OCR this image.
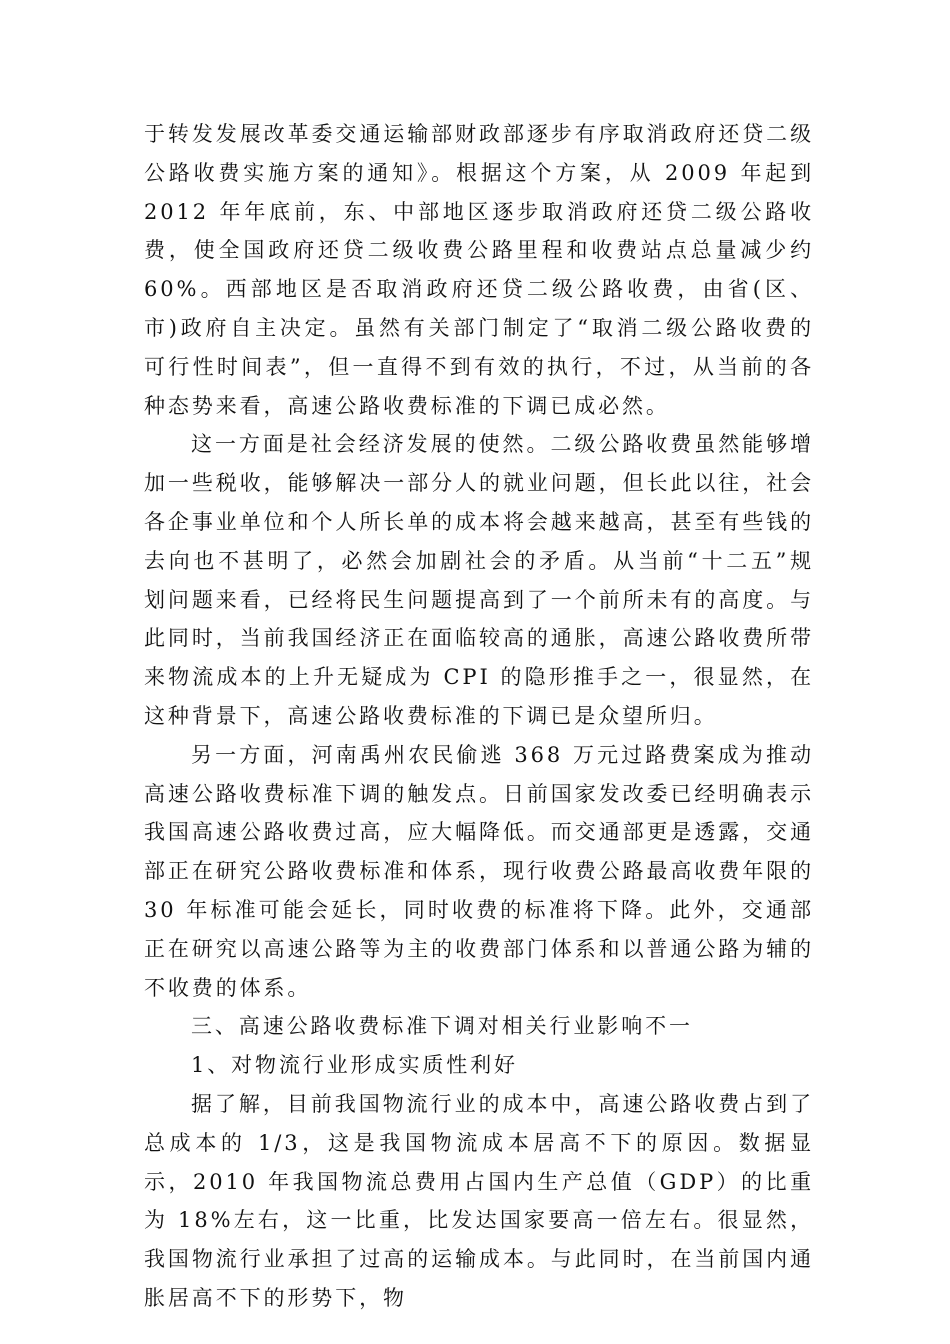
于转发发展改革委交通运输部财政部逐步有序取消政府还贷二级公路收费实施方案的通知》。根据这个方案，从 2009 年起到 2012 年年底前，东、中部地区逐步取消政府还贷二级公路收费，使全国政府还贷二级收费公路里程和收费站点总量减少约 60%。西部地区是否取消政府还贷二级公路收费，由省(区、市)政府自主决定。虽然有关部门制定了“取消二级公路收费的可行性时间表”，但一直得不到有效的执行，不过，从当前的各种态势来看，高速公路收费标准的下调已成必然。

这一方面是社会经济发展的使然。二级公路收费虽然能够增加一些税收，能够解决一部分人的就业问题，但长此以往，社会各企事业单位和个人所长单的成本将会越来越高，甚至有些钱的去向也不甚明了，必然会加剧社会的矛盾。从当前“十二五”规划问题来看，已经将民生问题提高到了一个前所未有的高度。与此同时，当前我国经济正在面临较高的通胀，高速公路收费所带来物流成本的上升无疑成为 CPI 的隐形推手之一，很显然，在这种背景下，高速公路收费标准的下调已是众望所归。

另一方面，河南禹州农民偷逃 368 万元过路费案成为推动高速公路收费标准下调的触发点。日前国家发改委已经明确表示我国高速公路收费过高，应大幅降低。而交通部更是透露，交通部正在研究公路收费标准和体系，现行收费公路最高收费年限的 30 年标准可能会延长，同时收费的标准将下降。此外，交通部正在研究以高速公路等为主的收费部门体系和以普通公路为辅的不收费的体系。

三、高速公路收费标准下调对相关行业影响不一

1、对物流行业形成实质性利好

据了解，目前我国物流行业的成本中，高速公路收费占到了总成本的 1/3，这是我国物流成本居高不下的原因。数据显示，2010 年我国物流总费用占国内生产总值（GDP）的比重为 18%左右，这一比重，比发达国家要高一倍左右。很显然，我国物流行业承担了过高的运输成本。与此同时，在当前国内通胀居高不下的形势下，物
